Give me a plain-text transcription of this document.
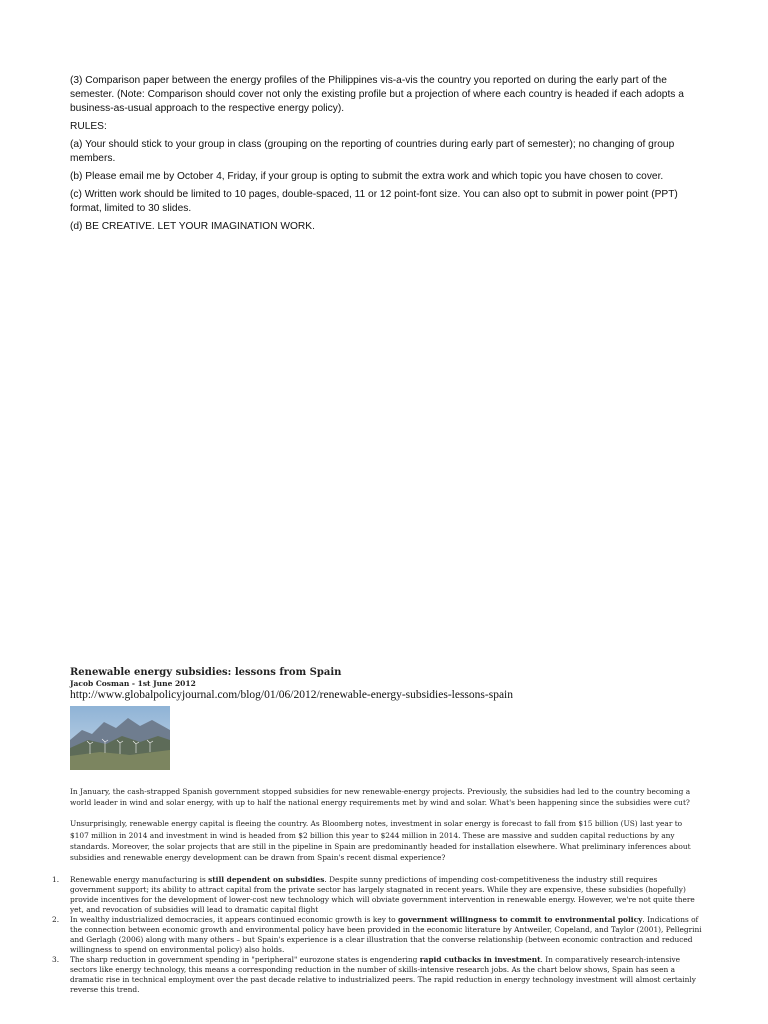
(3) Comparison paper between the energy profiles of the Philippines vis-a-vis the country you reported on during the early part of the semester. (Note: Comparison should cover not only the existing profile but a projection of where each country is headed if each adopts a business-as-usual approach to the respective energy policy).

RULES:

(a) Your should stick to your group in class (grouping on the reporting of countries during early part of semester); no changing of group members.

(b) Please email me by October 4, Friday, if your group is opting to submit the extra work and which topic you have chosen to cover.

(c) Written work should be limited to 10 pages, double-spaced, 11 or 12 point-font size. You can also opt to submit in power point (PPT) format, limited to 30 slides.

(d) BE CREATIVE. LET YOUR IMAGINATION WORK.

Renewable energy subsidies: lessons from Spain

Jacob Cosman - 1st June 2012

http://www.globalpolicyjournal.com/blog/01/06/2012/renewable-energy-subsidies-lessons-spain

In January, the cash-strapped Spanish government stopped subsidies for new renewable-energy projects. Previously, the subsidies had led to the country becoming a world leader in wind and solar energy, with up to half the national energy requirements met by wind and solar. What's been happening since the subsidies were cut?

Unsurprisingly, renewable energy capital is fleeing the country. As Bloomberg notes, investment in solar energy is forecast to fall from $15 billion (US) last year to $107 million in 2014 and investment in wind is headed from $2 billion this year to $244 million in 2014. These are massive and sudden capital reductions by any standards. Moreover, the solar projects that are still in the pipeline in Spain are predominantly headed for installation elsewhere. What preliminary inferences about subsidies and renewable energy development can be drawn from Spain's recent dismal experience?

1. Renewable energy manufacturing is still dependent on subsidies. Despite sunny predictions of impending cost-competitiveness the industry still requires government support; its ability to attract capital from the private sector has largely stagnated in recent years. While they are expensive, these subsidies (hopefully) provide incentives for the development of lower-cost new technology which will obviate government intervention in renewable energy. However, we're not quite there yet, and revocation of subsidies will lead to dramatic capital flight
2. In wealthy industrialized democracies, it appears continued economic growth is key to government willingness to commit to environmental policy. Indications of the connection between economic growth and environmental policy have been provided in the economic literature by Antweiler, Copeland, and Taylor (2001), Pellegrini and Gerlagh (2006) along with many others – but Spain's experience is a clear illustration that the converse relationship (between economic contraction and reduced willingness to spend on environmental policy) also holds.
3. The sharp reduction in government spending in "peripheral" eurozone states is engendering rapid cutbacks in investment. In comparatively research-intensive sectors like energy technology, this means a corresponding reduction in the number of skills-intensive research jobs. As the chart below shows, Spain has seen a dramatic rise in technical employment over the past decade relative to industrialized peers. The rapid reduction in energy technology investment will almost certainly reverse this trend.
